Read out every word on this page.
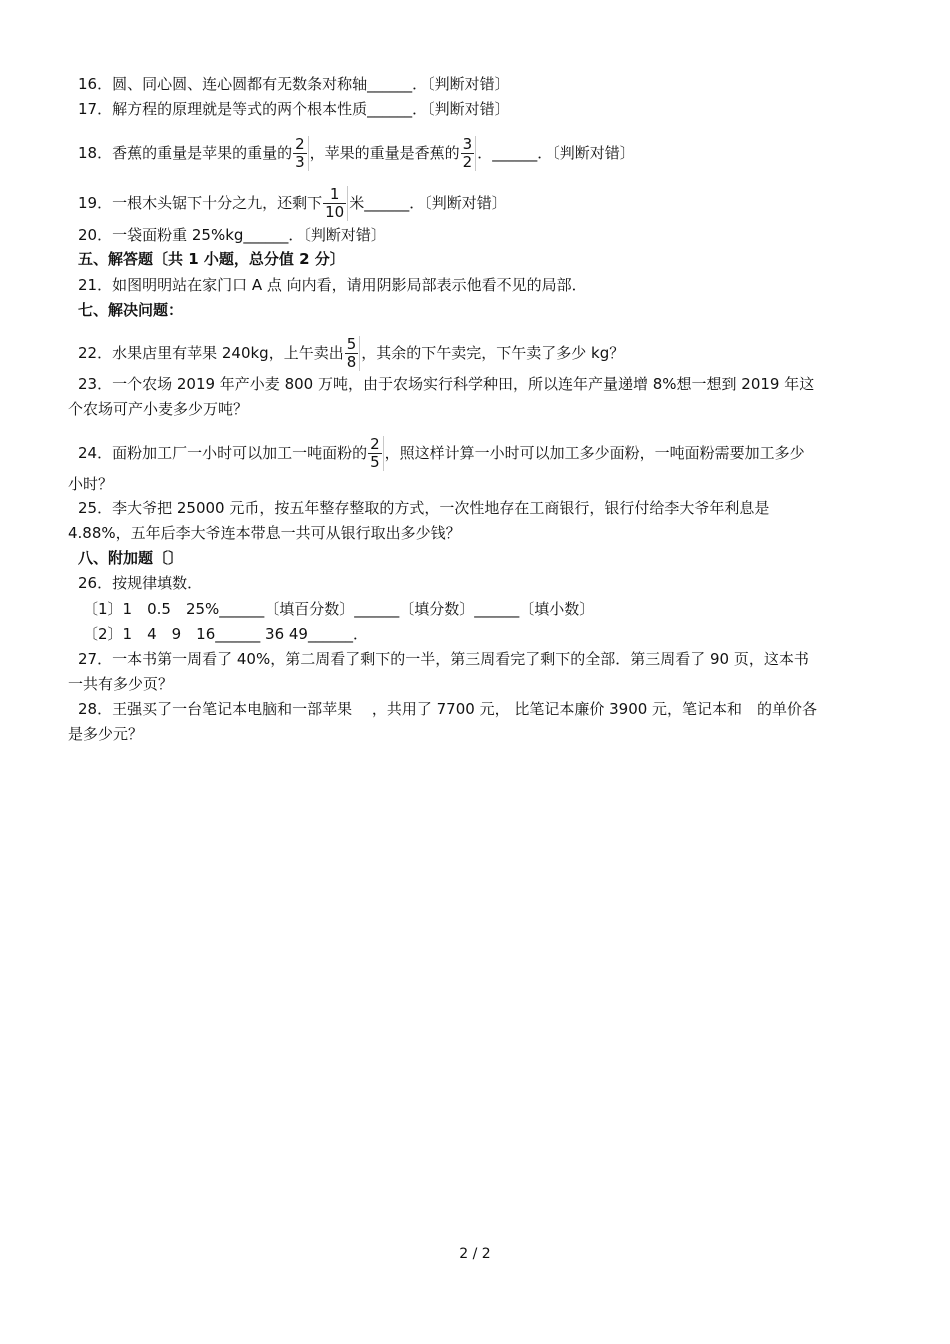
16．圆、同心圆、连心圆都有无数条对称轴______．〔判断对错〕
17．解方程的原理就是等式的两个根本性质______．〔判断对错〕
18．香蕉的重量是苹果的重量的 $\frac{2}{3}$ ，苹果的重量是香蕉的 $\frac{3}{2}$ ．______．〔判断对错〕
19．一根木头锯下十分之九，还剩下 $\frac{1}{10}$ 米______．〔判断对错〕
20．一袋面粉重 25%kg______．〔判断对错〕
五、解答题〔共 1 小题，总分值 2 分〕
21．如图明明站在家门口 A 点 向内看，请用阴影局部表示他看不见的局部．
七、解决问题：
22．水果店里有苹果 240kg，上午卖出 $\frac{5}{8}$ ，其余的下午卖完，下午卖了多少 kg？
23．一个农场 2019 年产小麦 800 万吨，由于农场实行科学种田，所以连年产量递增 8%想一想到 2019 年这
个农场可产小麦多少万吨？
24．面粉加工厂一小时可以加工一吨面粉的 $\frac{2}{5}$ ，照这样计算一小时可以加工多少面粉，一吨面粉需要加工多少
小时？
25．李大爷把 25000 元币，按五年整存整取的方式，一次性地存在工商银行，银行付给李大爷年利息是
4.88%，五年后李大爷连本带息一共可从银行取出多少钱？
八、附加题〔〕
26．按规律填数．
〔1〕1　0.5　25%______〔填百分数〕______〔填分数〕______〔填小数〕
〔2〕1　4　9　16______ 36 49______．
27．一本书第一周看了 40%，第二周看了剩下的一半，第三周看完了剩下的全部．第三周看了 90 页，这本书
一共有多少页？
28．王强买了一台笔记本电脑和一部苹果　 ，共用了 7700 元， 比笔记本廉价 3900 元，笔记本和　的单价各
是多少元？
2 / 2
